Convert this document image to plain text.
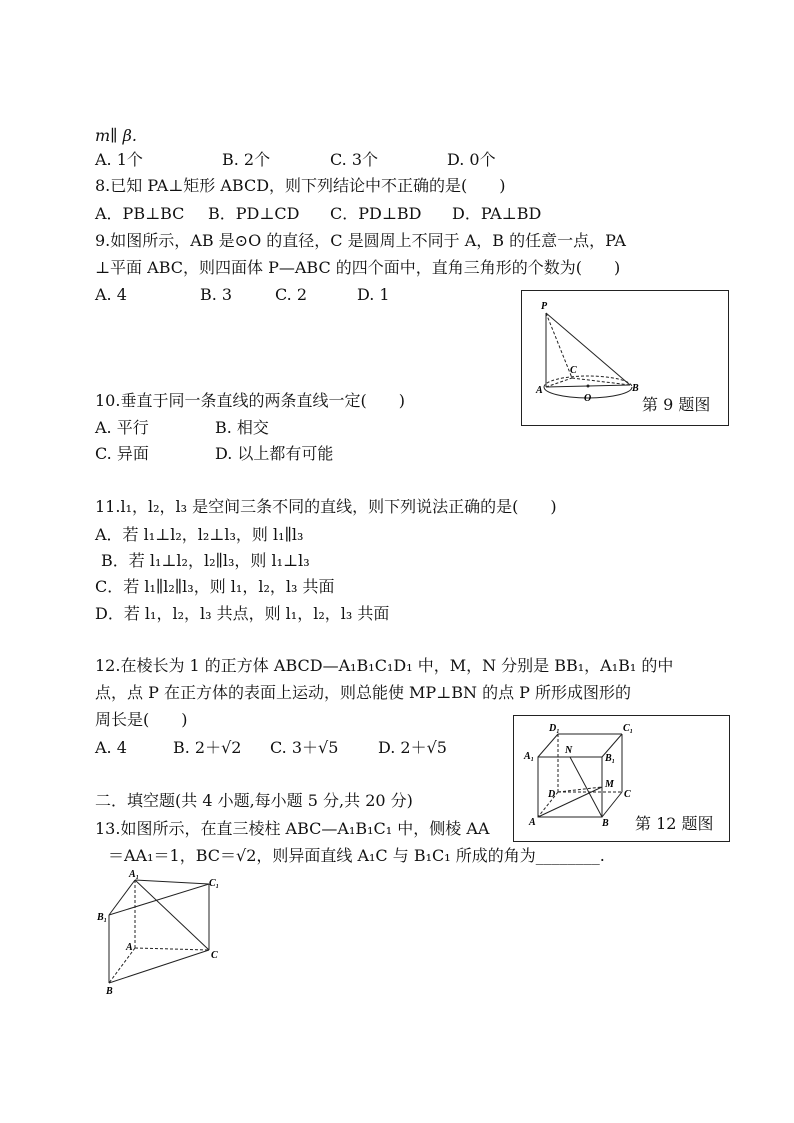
m∥ β.
A. 1个	B. 2个	C. 3个	D. 0个
8.已知 PA⊥矩形 ABCD，则下列结论中不正确的是(　　)
A．PB⊥BC B．PD⊥CD C．PD⊥BD D．PA⊥BD
9.如图所示，AB 是⊙O 的直径，C 是圆周上不同于 A，B 的任意一点，PA
⊥平面 ABC，则四面体 P—ABC 的四个面中，直角三角形的个数为(　　)
A. 4	B. 3	C. 2	D. 1
P
A	B
C
O	第 9 题图
10.垂直于同一条直线的两条直线一定(　　)
A. 平行	B. 相交
C. 异面	D. 以上都有可能
11.l₁，l₂，l₃ 是空间三条不同的直线，则下列说法正确的是(　　)
A．若 l₁⊥l₂，l₂⊥l₃，则 l₁∥l₃
B．若 l₁⊥l₂，l₂∥l₃，则 l₁⊥l₃
C．若 l₁∥l₂∥l₃，则 l₁，l₂，l₃ 共面
D．若 l₁，l₂，l₃ 共点，则 l₁，l₂，l₃ 共面
12.在棱长为 1 的正方体 ABCD—A₁B₁C₁D₁ 中，M，N 分别是 BB₁，A₁B₁ 的中
点，点 P 在正方体的表面上运动，则总能使 MP⊥BN 的点 P 所形成图形的
周长是(　　)
A. 4	B. 2＋√2 C. 3＋√5 D. 2＋√5
二．填空题(共 4 小题,每小题 5 分,共 20 分)
13.如图所示，在直三棱柱 ABC—A₁B₁C₁ 中，侧棱 AA
＝AA₁＝1，BC＝√2，则异面直线 A₁C 与 B₁C₁ 所成的角为________.
D₁	C₁
A₁	B₁
N
M
D	C
A	B 第 12 题图
A₁
C₁
B₁
A
C
B
